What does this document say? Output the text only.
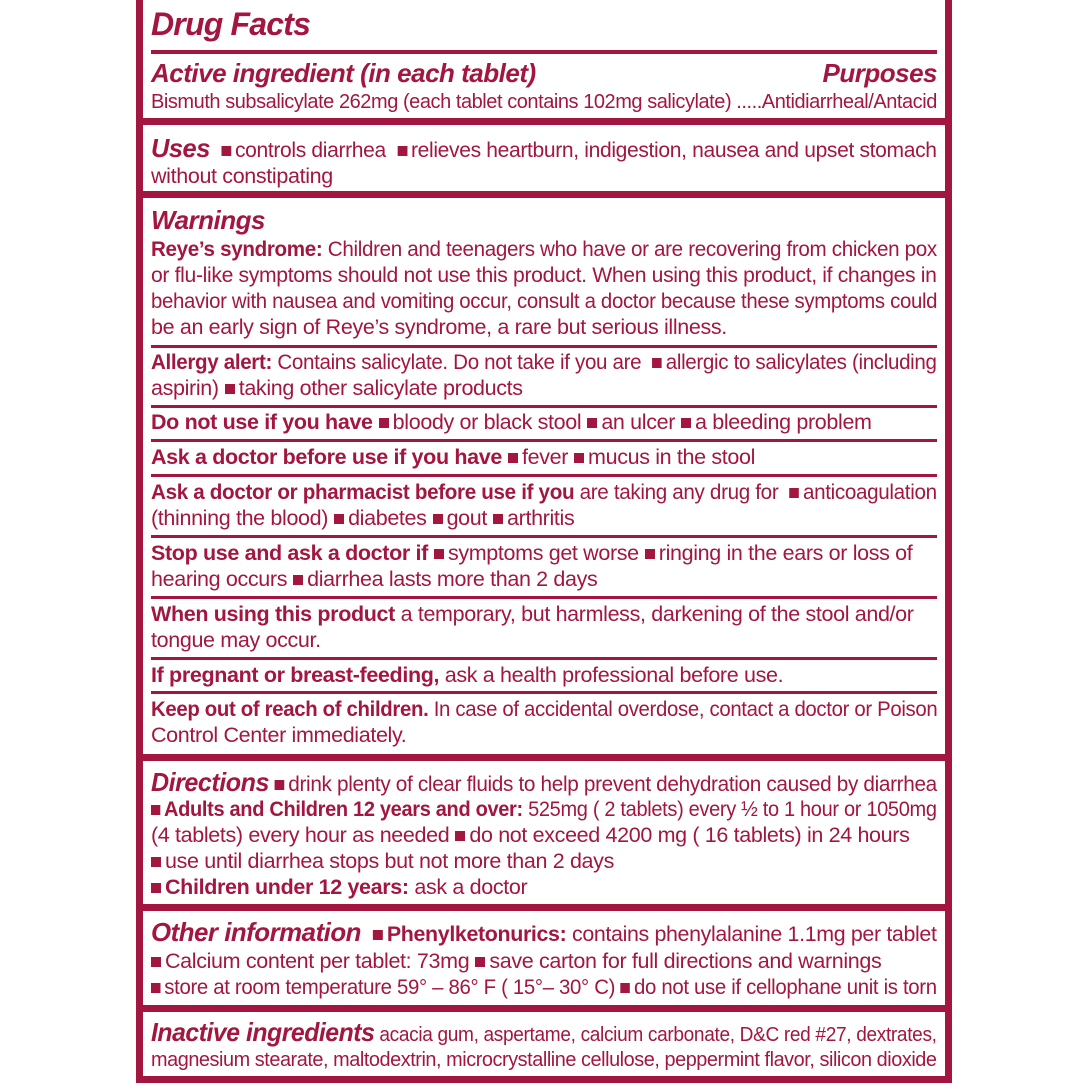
Drug Facts
Active ingredient (in each tablet)	Purposes
Bismuth subsalicylate 262mg (each tablet contains 102mg salicylate) .....Antidiarrheal/Antacid
Uses controls diarrhea relieves heartburn, indigestion, nausea and upset stomach
without constipating
Warnings
Reye’s syndrome: Children and teenagers who have or are recovering from chicken pox
or flu-like symptoms should not use this product. When using this product, if changes in
behavior with nausea and vomiting occur, consult a doctor because these symptoms could
be an early sign of Reye’s syndrome, a rare but serious illness.
Allergy alert: Contains salicylate. Do not take if you are allergic to salicylates (including
aspirin) taking other salicylate products
Do not use if you have bloody or black stool an ulcer a bleeding problem
Ask a doctor before use if you have fever mucus in the stool
Ask a doctor or pharmacist before use if you are taking any drug for anticoagulation
(thinning the blood) diabetes gout arthritis
Stop use and ask a doctor if symptoms get worse ringing in the ears or loss of
hearing occurs diarrhea lasts more than 2 days
When using this product a temporary, but harmless, darkening of the stool and/or
tongue may occur.
If pregnant or breast-feeding, ask a health professional before use.
Keep out of reach of children. In case of accidental overdose, contact a doctor or Poison
Control Center immediately.
Directions drink plenty of clear fluids to help prevent dehydration caused by diarrhea
Adults and Children 12 years and over: 525mg ( 2 tablets) every ½ to 1 hour or 1050mg
(4 tablets) every hour as needed do not exceed 4200 mg ( 16 tablets) in 24 hours
use until diarrhea stops but not more than 2 days
Children under 12 years: ask a doctor
Other information Phenylketonurics: contains phenylalanine 1.1mg per tablet
Calcium content per tablet: 73mg save carton for full directions and warnings
store at room temperature 59° – 86° F ( 15°– 30° C) do not use if cellophane unit is torn
Inactive ingredients acacia gum, aspertame, calcium carbonate, D&C red #27, dextrates,
magnesium stearate, maltodextrin, microcrystalline cellulose, peppermint flavor, silicon dioxide
